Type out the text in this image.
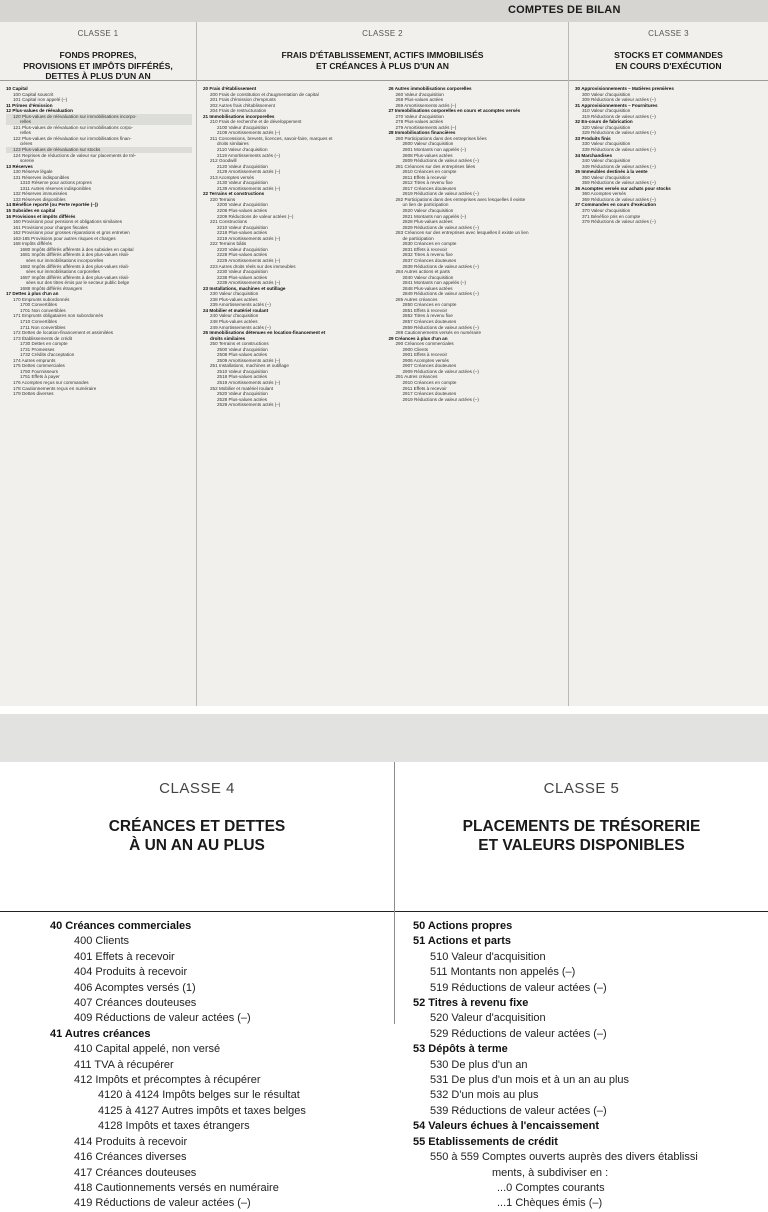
COMPTES DE BILAN
CLASSE 1
FONDS PROPRES,
PROVISIONS ET IMPÔTS DIFFÉRÉS,
DETTES À PLUS D'UN AN
10 Capital
100 Capital souscrit
101 Capital non appelé (–)
11 Primes d'émission
12 Plus-values de réévaluation
120 Plus-values de réévaluation sur immobilisations incorpo-
relles
121 Plus-values de réévaluation sur immobilisations corpo-
relles
122 Plus-values de réévaluation sur immobilisations finan-
cières
123 Plus-values de réévaluation sur stocks
124 Reprises de réductions de valeur sur placements de tré-
sorerie
13 Réserves
130 Réserve légale
131 Réserves indisponibles
1310 Réserve pour actions propres
1311 Autres réserves indisponibles
132 Réserves immunisées
133 Réserves disponibles
14 Bénéfice reporté (ou Perte reportée (–))
15 Subsides en capital
16 Provisions et impôts différés
160 Provisions pour pensions et obligations similaires
161 Provisions pour charges fiscales
162 Provisions pour grosses réparations et gros entretien
163-165 Provisions pour autres risques et charges
168 Impôts différés
1680 Impôts différés afférents à des subsides en capital
1681 Impôts différés afférents à des plus-values réali-
sées sur immobilisations incorporelles
1682 Impôts différés afférents à des plus-values réali-
sées sur immobilisations corporelles
1687 Impôts différés afférents à des plus-values réali-
sées sur des titres émis par le secteur public belge
1688 Impôts différés étrangers
17 Dettes à plus d'un an
170 Emprunts subordonnés
1700 Convertibles
1701 Non convertibles
171 Emprunts obligataires non subordonnés
1710 Convertibles
1711 Non convertibles
172 Dettes de location-financement et assimilées
173 Établissements de crédit
1730 Dettes en compte
1731 Promesses
1732 Crédits d'acceptation
174 Autres emprunts
175 Dettes commerciales
1750 Fournisseurs
1751 Effets à payer
176 Acomptes reçus sur commandes
178 Cautionnements reçus en numéraire
179 Dettes diverses
CLASSE 2
FRAIS D'ÉTABLISSEMENT, ACTIFS IMMOBILISÉS
ET CRÉANCES À PLUS D'UN AN
20 Frais d'établissement
200 Frais de constitution et d'augmentation de capital
201 Frais d'émission d'emprunts
202 Autres frais d'établissement
204 Frais de restructuration
21 Immobilisations incorporelles
210 Frais de recherche et de développement
2100 Valeur d'acquisition
2109 Amortissements actés (–)
211 Concessions, brevets, licences, savoir-faire, marques et
droits similaires
2110 Valeur d'acquisition
2119 Amortissements actés (–)
212 Goodwill
2120 Valeur d'acquisition
2129 Amortissements actés (–)
213 Acomptes versés
2130 Valeur d'acquisition
2139 Amortissements actés (–)
22 Terrains et constructions
220 Terrains
2200 Valeur d'acquisition
2208 Plus-values actées
2209 Réductions de valeur actées (–)
221 Constructions
2210 Valeur d'acquisition
2218 Plus-values actées
2219 Amortissements actés (–)
222 Terrains bâtis
2220 Valeur d'acquisition
2228 Plus-values actées
2229 Amortissements actés (–)
223 Autres droits réels sur des immeubles
2230 Valeur d'acquisition
2238 Plus-values actées
2239 Amortissements actés (–)
23 Installations, machines et outillage
230 Valeur d'acquisition
238 Plus-values actées
239 Amortissements actés (–)
24 Mobilier et matériel roulant
240 Valeur d'acquisition
248 Plus-values actées
249 Amortissements actés (–)
25 Immobilisations détenues en location-financement et
droits similaires
250 Terrains et constructions
2500 Valeur d'acquisition
2508 Plus-values actées
2509 Amortissements actés (–)
251 Installations, machines et outillage
2510 Valeur d'acquisition
2518 Plus-values actées
2519 Amortissements actés (–)
252 Mobilier et matériel roulant
2520 Valeur d'acquisition
2528 Plus-values actées
2529 Amortissements actés (–)
26 Autres immobilisations corporelles
260 Valeur d'acquisition
268 Plus-values actées
269 Amortissements actés (–)
27 Immobilisations corporelles en cours et acomptes versés
270 Valeur d'acquisition
278 Plus-values actées
279 Amortissements actés (–)
28 Immobilisations financières
280 Participations dans des entreprises liées
2800 Valeur d'acquisition
2801 Montants non appelés (–)
2808 Plus-values actées
2809 Réductions de valeur actées (–)
281 Créances sur des entreprises liées
2810 Créances en compte
2811 Effets à recevoir
2812 Titres à revenu fixe
2817 Créances douteuses
2819 Réductions de valeur actées (–)
282 Participations dans des entreprises avec lesquelles il existe
un lien de participation
2820 Valeur d'acquisition
2821 Montants non appelés (–)
2828 Plus-values actées
2829 Réductions de valeur actées (–)
283 Créances sur des entreprises avec lesquelles il existe un lien
de participation
2830 Créances en compte
2831 Effets à recevoir
2832 Titres à revenu fixe
2837 Créances douteuses
2839 Réductions de valeur actées (–)
284 Autres actions et parts
2840 Valeur d'acquisition
2841 Montants non appelés (–)
2848 Plus-values actées
2849 Réductions de valeur actées (–)
285 Autres créances
2850 Créances en compte
2851 Effets à recevoir
2852 Titres à revenu fixe
2857 Créances douteuses
2859 Réductions de valeur actées (–)
288 Cautionnements versés en numéraire
29 Créances à plus d'un an
290 Créances commerciales
2900 Clients
2901 Effets à recevoir
2906 Acomptes versés
2907 Créances douteuses
2909 Réductions de valeur actées (–)
291 Autres créances
2910 Créances en compte
2911 Effets à recevoir
2917 Créances douteuses
2919 Réductions de valeur actées (–)
CLASSE 3
STOCKS ET COMMANDES
EN COURS D'EXÉCUTION
30 Approvisionnements – Matières premières
300 Valeur d'acquisition
309 Réductions de valeur actées (–)
31 Approvisionnements – Fournitures
310 Valeur d'acquisition
319 Réductions de valeur actées (–)
32 En-cours de fabrication
320 Valeur d'acquisition
329 Réductions de valeur actées (–)
33 Produits finis
330 Valeur d'acquisition
339 Réductions de valeur actées (–)
34 Marchandises
340 Valeur d'acquisition
349 Réductions de valeur actées (–)
35 Immeubles destinés à la vente
350 Valeur d'acquisition
359 Réductions de valeur actées (–)
36 Acomptes versés sur achats pour stocks
360 Acomptes versés
369 Réductions de valeur actées (–)
37 Commandes en cours d'exécution
370 Valeur d'acquisition
371 Bénéfice pris en compte
379 Réductions de valeur actées (–)
CLASSE 4
CRÉANCES ET DETTES
À UN AN AU PLUS
40 Créances commerciales
400 Clients
401 Effets à recevoir
404 Produits à recevoir
406 Acomptes versés (1)
407 Créances douteuses
409 Réductions de valeur actées (–)
41 Autres créances
410 Capital appelé, non versé
411 TVA à récupérer
412 Impôts et précomptes à récupérer
4120 à 4124 Impôts belges sur le résultat
4125 à 4127 Autres impôts et taxes belges
4128 Impôts et taxes étrangers
414 Produits à recevoir
416 Créances diverses
417 Créances douteuses
418 Cautionnements versés en numéraire
419 Réductions de valeur actées (–)
CLASSE 5
PLACEMENTS DE TRÉSORERIE
ET VALEURS DISPONIBLES
50 Actions propres
51 Actions et parts
510 Valeur d'acquisition
511 Montants non appelés (–)
519 Réductions de valeur actées (–)
52 Titres à revenu fixe
520 Valeur d'acquisition
529 Réductions de valeur actées (–)
53 Dépôts à terme
530 De plus d'un an
531 De plus d'un mois et à un an au plus
532 D'un mois au plus
539 Réductions de valeur actées (–)
54 Valeurs échues à l'encaissement
55 Etablissements de crédit
550 à 559 Comptes ouverts auprès des divers établissi
ments, à subdiviser en :
...0 Comptes courants
...1 Chèques émis (–)
